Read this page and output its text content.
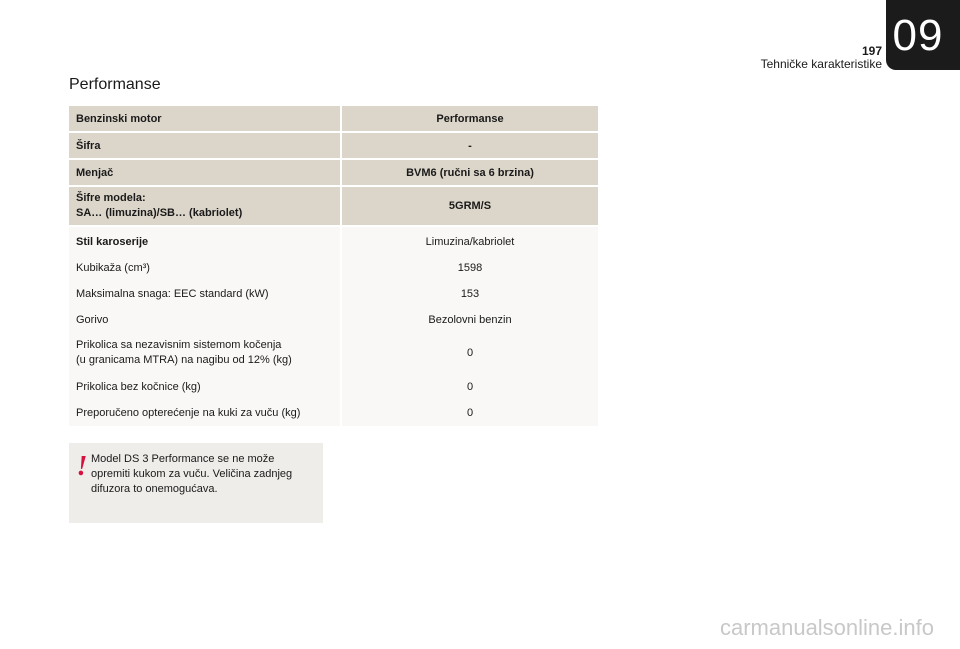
197
Tehničke karakteristike
09
Performanse
Benzinski motor	Performanse
Šifra	-
Menjač	BVM6 (ručni sa 6 brzina)

Šifre modela:
SA… (limuzina)/SB… (kabriolet)	5GRM/S
Stil karoserije	Limuzina/kabriolet
Kubikaža (cm³)	1598
Maksimalna snaga: EEC standard (kW)	153
Gorivo	Bezolovni benzin

Prikolica sa nezavisnim sistemom kočenja
(u granicama MTRA) na nagibu od 12% (kg)	0
Prikolica bez kočnice (kg)	0
Preporučeno opterećenje na kuki za vuču (kg)	0
! Model DS 3 Performance se ne može
opremiti kukom za vuču. Veličina zadnjeg
difuzora to onemogućava.
carmanualsonline.info
